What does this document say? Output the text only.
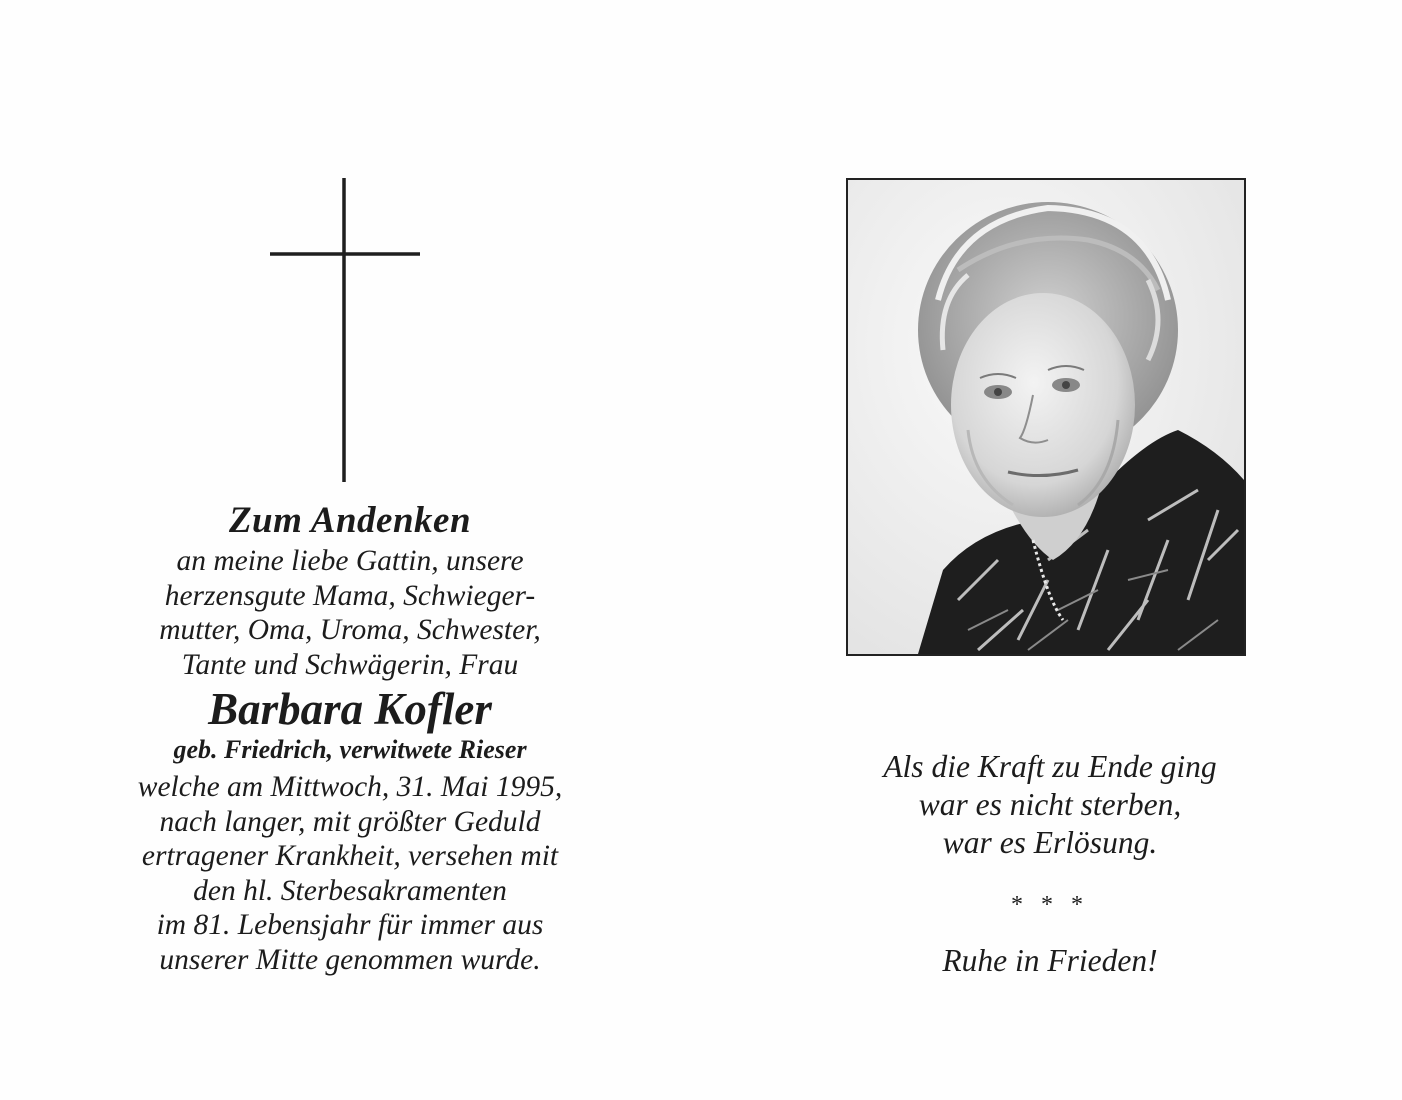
Zum Andenken
an meine liebe Gattin, unsere
herzensgute Mama, Schwieger-
mutter, Oma, Uroma, Schwester,
Tante und Schwägerin, Frau
Barbara Kofler
geb. Friedrich, verwitwete Rieser
welche am Mittwoch, 31. Mai 1995,
nach langer, mit größter Geduld
ertragener Krankheit, versehen mit
den hl. Sterbesakramenten
im 81. Lebensjahr für immer aus
unserer Mitte genommen wurde.
Als die Kraft zu Ende ging
war es nicht sterben,
war es Erlösung.
* * *
Ruhe in Frieden!
